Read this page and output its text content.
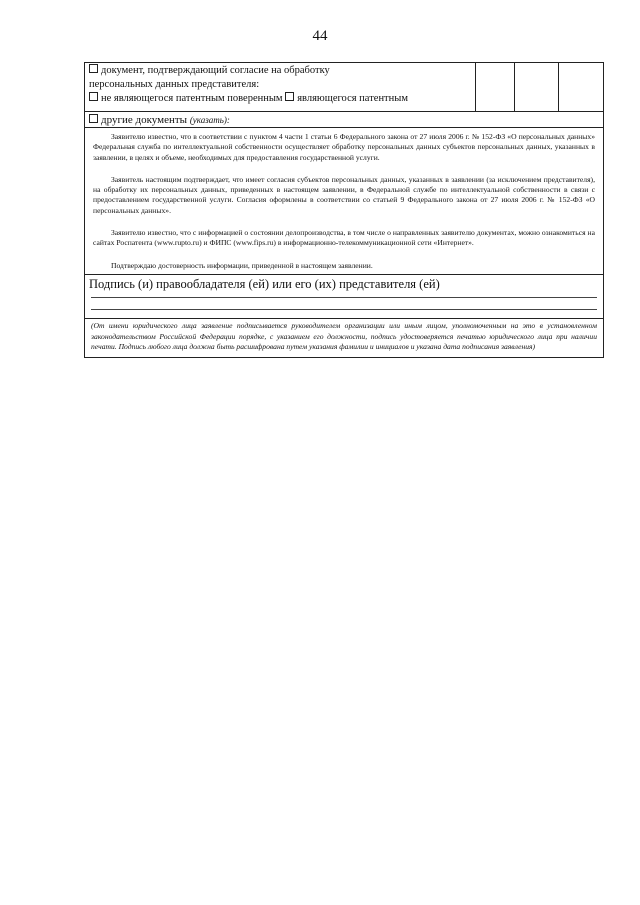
44
документ, подтверждающий согласие на обработку
персональных данных представителя:
не являющегося патентным поверенным являющегося патентным
другие документы (указать):

Заявителю известно, что в соответствии с пунктом 4 части 1 статьи 6 Федерального закона от 27 июля 2006 г. № 152-ФЗ «О персональных данных» Федеральная служба по интеллектуальной собственности осуществляет обработку персональных данных субъектов персональных данных, указанных в заявлении, в целях и объеме, необходимых для предоставления государственной услуги.

Заявитель настоящим подтверждает, что имеет согласия субъектов персональных данных, указанных в заявлении (за исключением представителя), на обработку их персональных данных, приведенных в настоящем заявлении, в Федеральной службе по интеллектуальной собственности в связи с предоставлением государственной услуги. Согласия оформлены в соответствии со статьей 9 Федерального закона от 27 июля 2006 г. № 152-ФЗ «О персональных данных».

Заявителю известно, что с информацией о состоянии делопроизводства, в том числе о направленных заявителю документах, можно ознакомиться на сайтах Роспатента (www.rupto.ru) и ФИПС (www.fips.ru) в информационно-телекоммуникационной сети «Интернет».

Подтверждаю достоверность информации, приведенной в настоящем заявлении.

Подпись (и) правообладателя (ей) или его (их) представителя (ей)
(От имени юридического лица заявление подписывается руководителем организации или иным лицом, уполномоченным на это в установленном законодательством Российской Федерации порядке, с указанием его должности, подпись удостоверяется печатью юридического лица при наличии печати. Подпись любого лица должна быть расшифрована путем указания фамилии и инициалов и указана дата подписания заявления)
